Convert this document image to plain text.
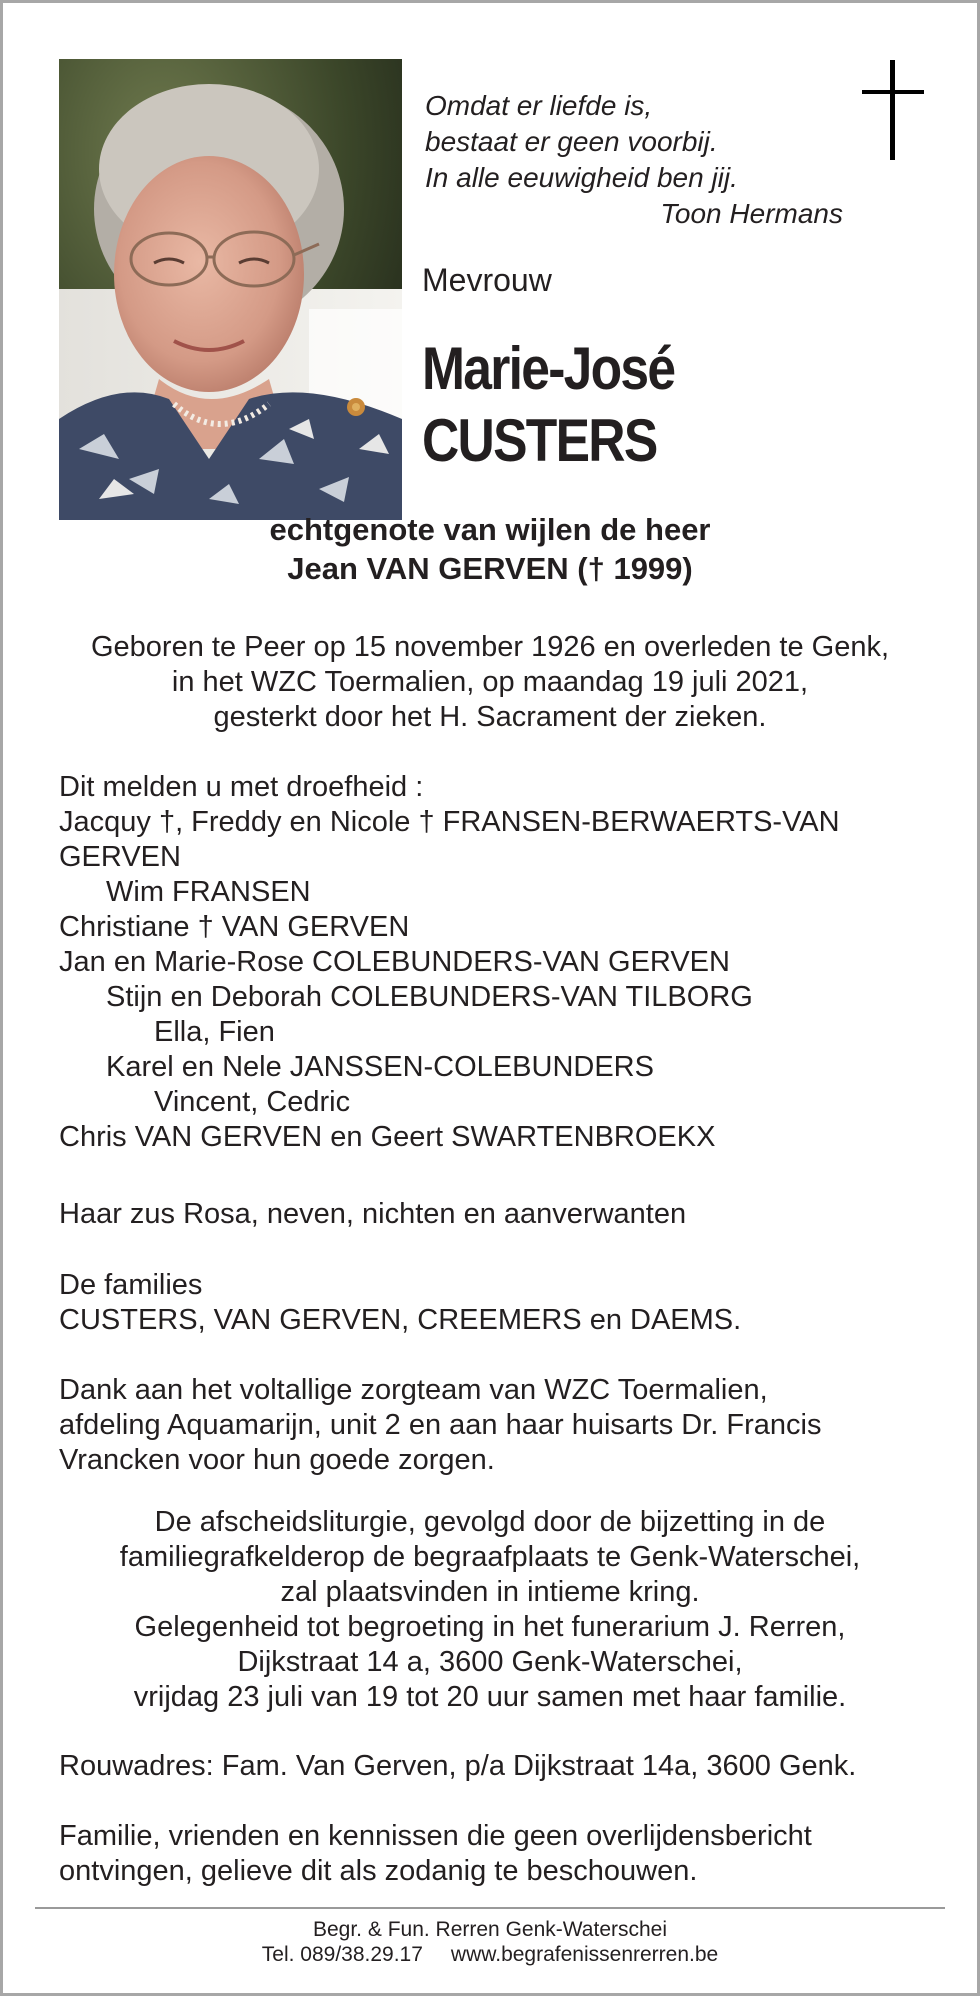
Omdat er liefde is,
bestaat er geen voorbij.
In alle eeuwigheid ben jij.
Toon Hermans
Mevrouw
Marie-José
CUSTERS
echtgenote van wijlen de heer
Jean VAN GERVEN († 1999)
Geboren te Peer op 15 november 1926 en overleden te Genk,
in het WZC Toermalien, op maandag 19 juli 2021,
gesterkt door het H. Sacrament der zieken.
Dit melden u met droefheid :
Jacquy †, Freddy en Nicole † FRANSEN-BERWAERTS-VAN
GERVEN
Wim FRANSEN
Christiane † VAN GERVEN
Jan en Marie-Rose COLEBUNDERS-VAN GERVEN
Stijn en Deborah COLEBUNDERS-VAN TILBORG
Ella, Fien
Karel en Nele JANSSEN-COLEBUNDERS
Vincent, Cedric
Chris VAN GERVEN en Geert SWARTENBROEKX
Haar zus Rosa, neven, nichten en aanverwanten
De families
CUSTERS, VAN GERVEN, CREEMERS en DAEMS.
Dank aan het voltallige zorgteam van WZC Toermalien,
afdeling Aquamarijn, unit 2 en aan haar huisarts Dr. Francis
Vrancken voor hun goede zorgen.
De afscheidsliturgie, gevolgd door de bijzetting in de
familiegrafkelderop de begraafplaats te Genk-Waterschei,
zal plaatsvinden in intieme kring.
Gelegenheid tot begroeting in het funerarium J. Rerren,
Dijkstraat 14 a, 3600 Genk-Waterschei,
vrijdag 23 juli van 19 tot 20 uur samen met haar familie.
Rouwadres: Fam. Van Gerven, p/a Dijkstraat 14a, 3600 Genk.
Familie, vrienden en kennissen die geen overlijdensbericht
ontvingen, gelieve dit als zodanig te beschouwen.
Begr. & Fun. Rerren Genk-Waterschei
Tel. 089/38.29.17 www.begrafenissenrerren.be
